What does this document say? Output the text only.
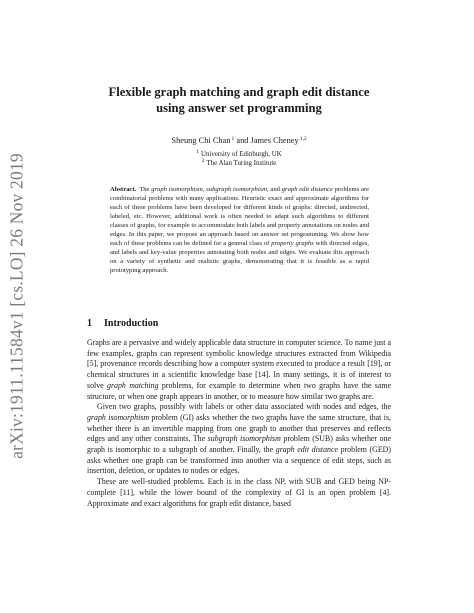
arXiv:1911.11584v1 [cs.LO] 26 Nov 2019
Flexible graph matching and graph edit distance
using answer set programming
Sheung Chi Chan$^1$ and James Cheney$^{1,2}$
$^1$ University of Edinburgh, UK
$^2$ The Alan Turing Institute
Abstract. The graph isomorphism, subgraph isomorphism, and graph edit distance problems are combinatorial problems with many applications. Heuristic exact and approximate algorithms for each of these problems have been developed for different kinds of graphs: directed, undirected, labeled, etc. However, additional work is often needed to adapt such algorithms to different classes of graphs, for example to accommodate both labels and property annotations on nodes and edges. In this paper, we propose an approach based on answer set programming. We show how each of these problems can be defined for a general class of property graphs with directed edges, and labels and key-value properties annotating both nodes and edges. We evaluate this approach on a variety of synthetic and realistic graphs, demonstrating that it is feasible as a rapid prototyping approach.
1 Introduction

Graphs are a pervasive and widely applicable data structure in computer science. To name just a few examples, graphs can represent symbolic knowledge structures extracted from Wikipedia [5], provenance records describing how a computer system executed to produce a result [19], or chemical structures in a scientific knowledge base [14]. In many settings, it is of interest to solve graph matching problems, for example to determine when two graphs have the same structure, or when one graph appears in another, or to measure how similar two graphs are.

Given two graphs, possibly with labels or other data associated with nodes and edges, the graph isomorphism problem (GI) asks whether the two graphs have the same structure, that is, whether there is an invertible mapping from one graph to another that preserves and reflects edges and any other constraints. The subgraph isomorphism problem (SUB) asks whether one graph is isomorphic to a subgraph of another. Finally, the graph edit distance problem (GED) asks whether one graph can be transformed into another via a sequence of edit steps, such as insertion, deletion, or updates to nodes or edges.

These are well-studied problems. Each is in the class NP, with SUB and GED being NP-complete [11], while the lower bound of the complexity of GI is an open problem [4]. Approximate and exact algorithms for graph edit distance, based
